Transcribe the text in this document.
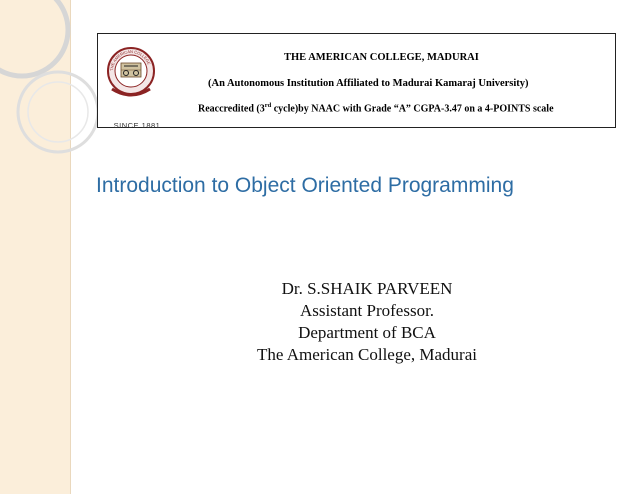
THE AMERICAN COLLEGE
SINCE 1881
THE AMERICAN COLLEGE, MADURAI
(An Autonomous Institution Affiliated to Madurai Kamaraj University)
Reaccredited (3rd cycle)by NAAC with Grade “A” CGPA-3.47 on a 4-POINTS scale
Introduction to Object Oriented Programming
Dr. S.SHAIK PARVEEN
Assistant Professor.
Department of BCA
The American College, Madurai
